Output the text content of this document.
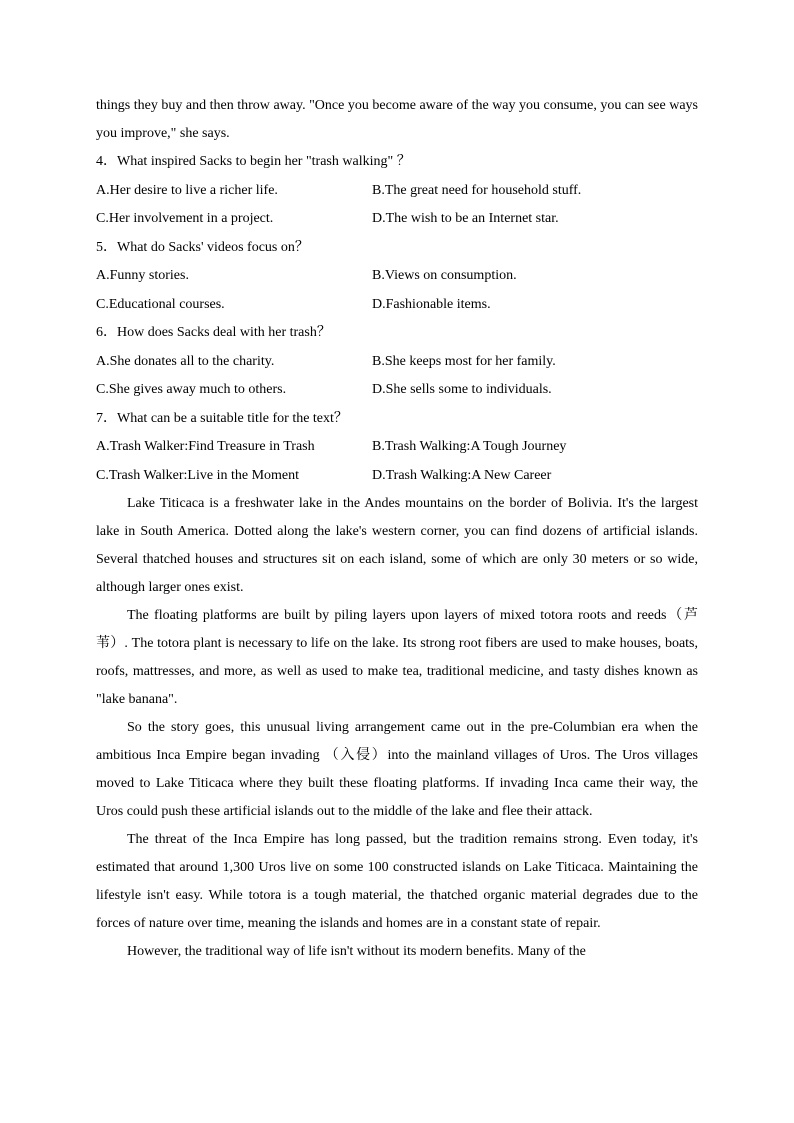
things they buy and then throw away. "Once you become aware of the way you consume, you can see ways you improve," she says.

4．What inspired Sacks to begin her "trash walking" ？

A.Her desire to live a richer life.	B.The great need for household stuff.
C.Her involvement in a project.	D.The wish to be an Internet star.

5．What do Sacks' videos focus on？

A.Funny stories.	B.Views on consumption.
C.Educational courses.	D.Fashionable items.

6．How does Sacks deal with her trash？

A.She donates all to the charity.	B.She keeps most for her family.
C.She gives away much to others.	D.She sells some to individuals.

7．What can be a suitable title for the text？

A.Trash Walker:Find Treasure in Trash	B.Trash Walking:A Tough Journey
C.Trash Walker:Live in the Moment	D.Trash Walking:A New Career

Lake Titicaca is a freshwater lake in the Andes mountains on the border of Bolivia. It's the largest lake in South America. Dotted along the lake's western corner, you can find dozens of artificial islands. Several thatched houses and structures sit on each island, some of which are only 30 meters or so wide, although larger ones exist.

The floating platforms are built by piling layers upon layers of mixed totora roots and reeds（芦苇）. The totora plant is necessary to life on the lake. Its strong root fibers are used to make houses, boats, roofs, mattresses, and more, as well as used to make tea, traditional medicine, and tasty dishes known as "lake banana".

So the story goes, this unusual living arrangement came out in the pre-Columbian era when the ambitious Inca Empire began invading （入侵）into the mainland villages of Uros. The Uros villages moved to Lake Titicaca where they built these floating platforms. If invading Inca came their way, the Uros could push these artificial islands out to the middle of the lake and flee their attack.

The threat of the Inca Empire has long passed, but the tradition remains strong. Even today, it's estimated that around 1,300 Uros live on some 100 constructed islands on Lake Titicaca. Maintaining the lifestyle isn't easy. While totora is a tough material, the thatched organic material degrades due to the forces of nature over time, meaning the islands and homes are in a constant state of repair.

However, the traditional way of life isn't without its modern benefits. Many of the
